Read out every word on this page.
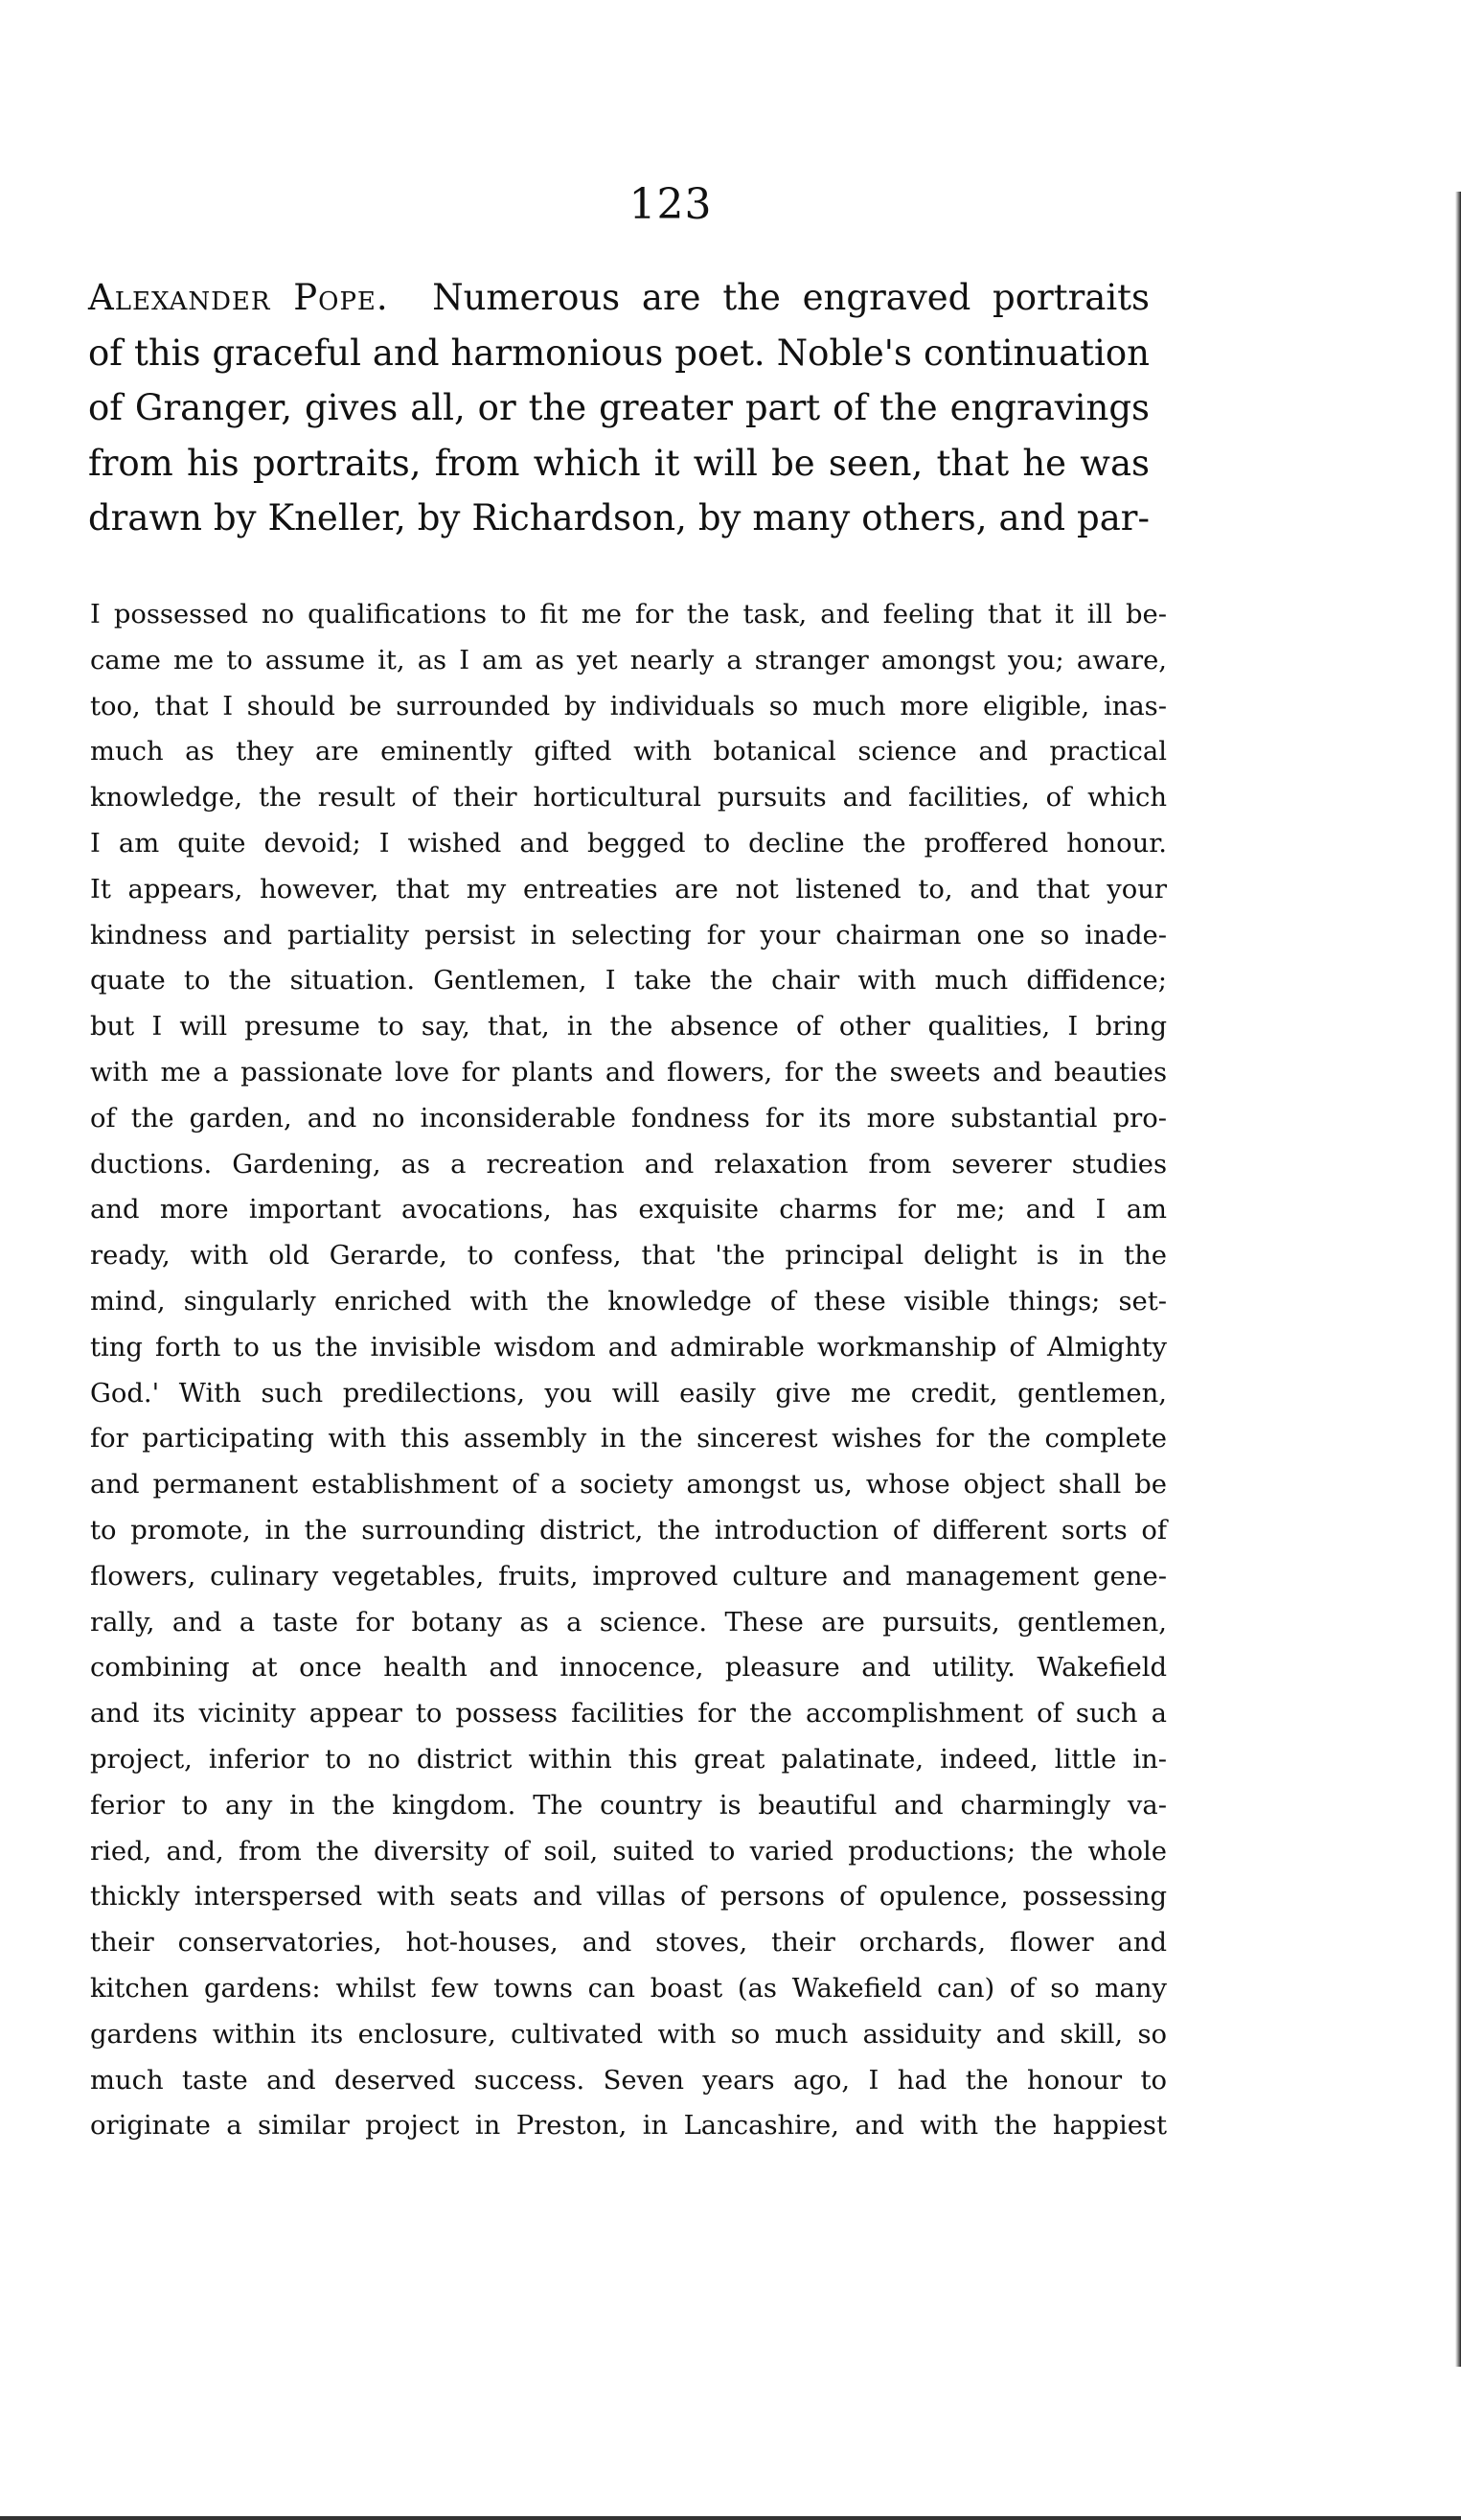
123
Alexander Pope. Numerous are the engraved portraits
of this graceful and harmonious poet. Noble's continuation
of Granger, gives all, or the greater part of the engravings
from his portraits, from which it will be seen, that he was
drawn by Kneller, by Richardson, by many others, and par-
I possessed no qualifications to fit me for the task, and feeling that it ill be-
came me to assume it, as I am as yet nearly a stranger amongst you; aware,
too, that I should be surrounded by individuals so much more eligible, inas-
much as they are eminently gifted with botanical science and practical
knowledge, the result of their horticultural pursuits and facilities, of which
I am quite devoid; I wished and begged to decline the proffered honour.
It appears, however, that my entreaties are not listened to, and that your
kindness and partiality persist in selecting for your chairman one so inade-
quate to the situation. Gentlemen, I take the chair with much diffidence;
but I will presume to say, that, in the absence of other qualities, I bring
with me a passionate love for plants and flowers, for the sweets and beauties
of the garden, and no inconsiderable fondness for its more substantial pro-
ductions. Gardening, as a recreation and relaxation from severer studies
and more important avocations, has exquisite charms for me; and I am
ready, with old Gerarde, to confess, that 'the principal delight is in the
mind, singularly enriched with the knowledge of these visible things; set-
ting forth to us the invisible wisdom and admirable workmanship of Almighty
God.' With such predilections, you will easily give me credit, gentlemen,
for participating with this assembly in the sincerest wishes for the complete
and permanent establishment of a society amongst us, whose object shall be
to promote, in the surrounding district, the introduction of different sorts of
flowers, culinary vegetables, fruits, improved culture and management gene-
rally, and a taste for botany as a science. These are pursuits, gentlemen,
combining at once health and innocence, pleasure and utility. Wakefield
and its vicinity appear to possess facilities for the accomplishment of such a
project, inferior to no district within this great palatinate, indeed, little in-
ferior to any in the kingdom. The country is beautiful and charmingly va-
ried, and, from the diversity of soil, suited to varied productions; the whole
thickly interspersed with seats and villas of persons of opulence, possessing
their conservatories, hot-houses, and stoves, their orchards, flower and
kitchen gardens: whilst few towns can boast (as Wakefield can) of so many
gardens within its enclosure, cultivated with so much assiduity and skill, so
much taste and deserved success. Seven years ago, I had the honour to
originate a similar project in Preston, in Lancashire, and with the happiest
